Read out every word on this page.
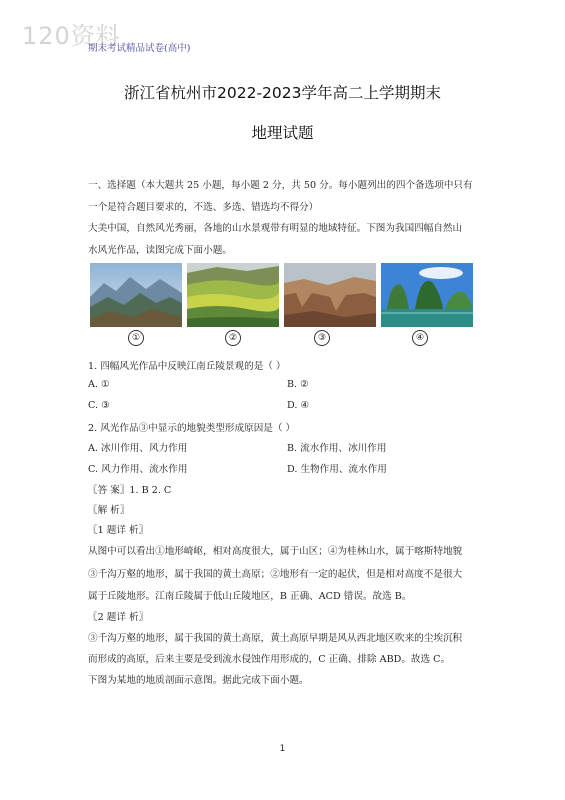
120资料
期末考试精品试卷(高中)
浙江省杭州市2022-2023学年高二上学期期末
地理试题
一、选择题（本大题共 25 小题，每小题 2 分，共 50 分。每小题列出的四个备选项中只有
一个是符合题目要求的，不选、多选、错选均不得分）
大美中国，自然风光秀丽，各地的山水景观带有明显的地域特征。下图为我国四幅自然山
水风光作品，读图完成下面小题。
①	②	③	④
1. 四幅风光作品中反映江南丘陵景观的是（ ）
A. ①	B. ②
C. ③	D. ④
2. 风光作品③中显示的地貌类型形成原因是（ ）
A. 冰川作用、风力作用	B. 流水作用、冰川作用
C. 风力作用、流水作用	D. 生物作用、流水作用
〖答 案〗1. B 2. C
〖解 析〗
〖1 题详 析〗
从图中可以看出①地形崎岖，相对高度很大，属于山区；④为桂林山水，属于喀斯特地貌
③千沟万壑的地形，属于我国的黄土高原；②地形有一定的起伏，但是相对高度不是很大
属于丘陵地形。江南丘陵属于低山丘陵地区，B 正确、ACD 错误。故选 B。
〖2 题详 析〗
③千沟万壑的地形，属于我国的黄土高原，黄土高原早期是风从西北地区吹来的尘埃沉积
而形成的高原，后来主要是受到流水侵蚀作用形成的，C 正确、排除 ABD。故选 C。
下图为某地的地质剖面示意图。据此完成下面小题。
1
